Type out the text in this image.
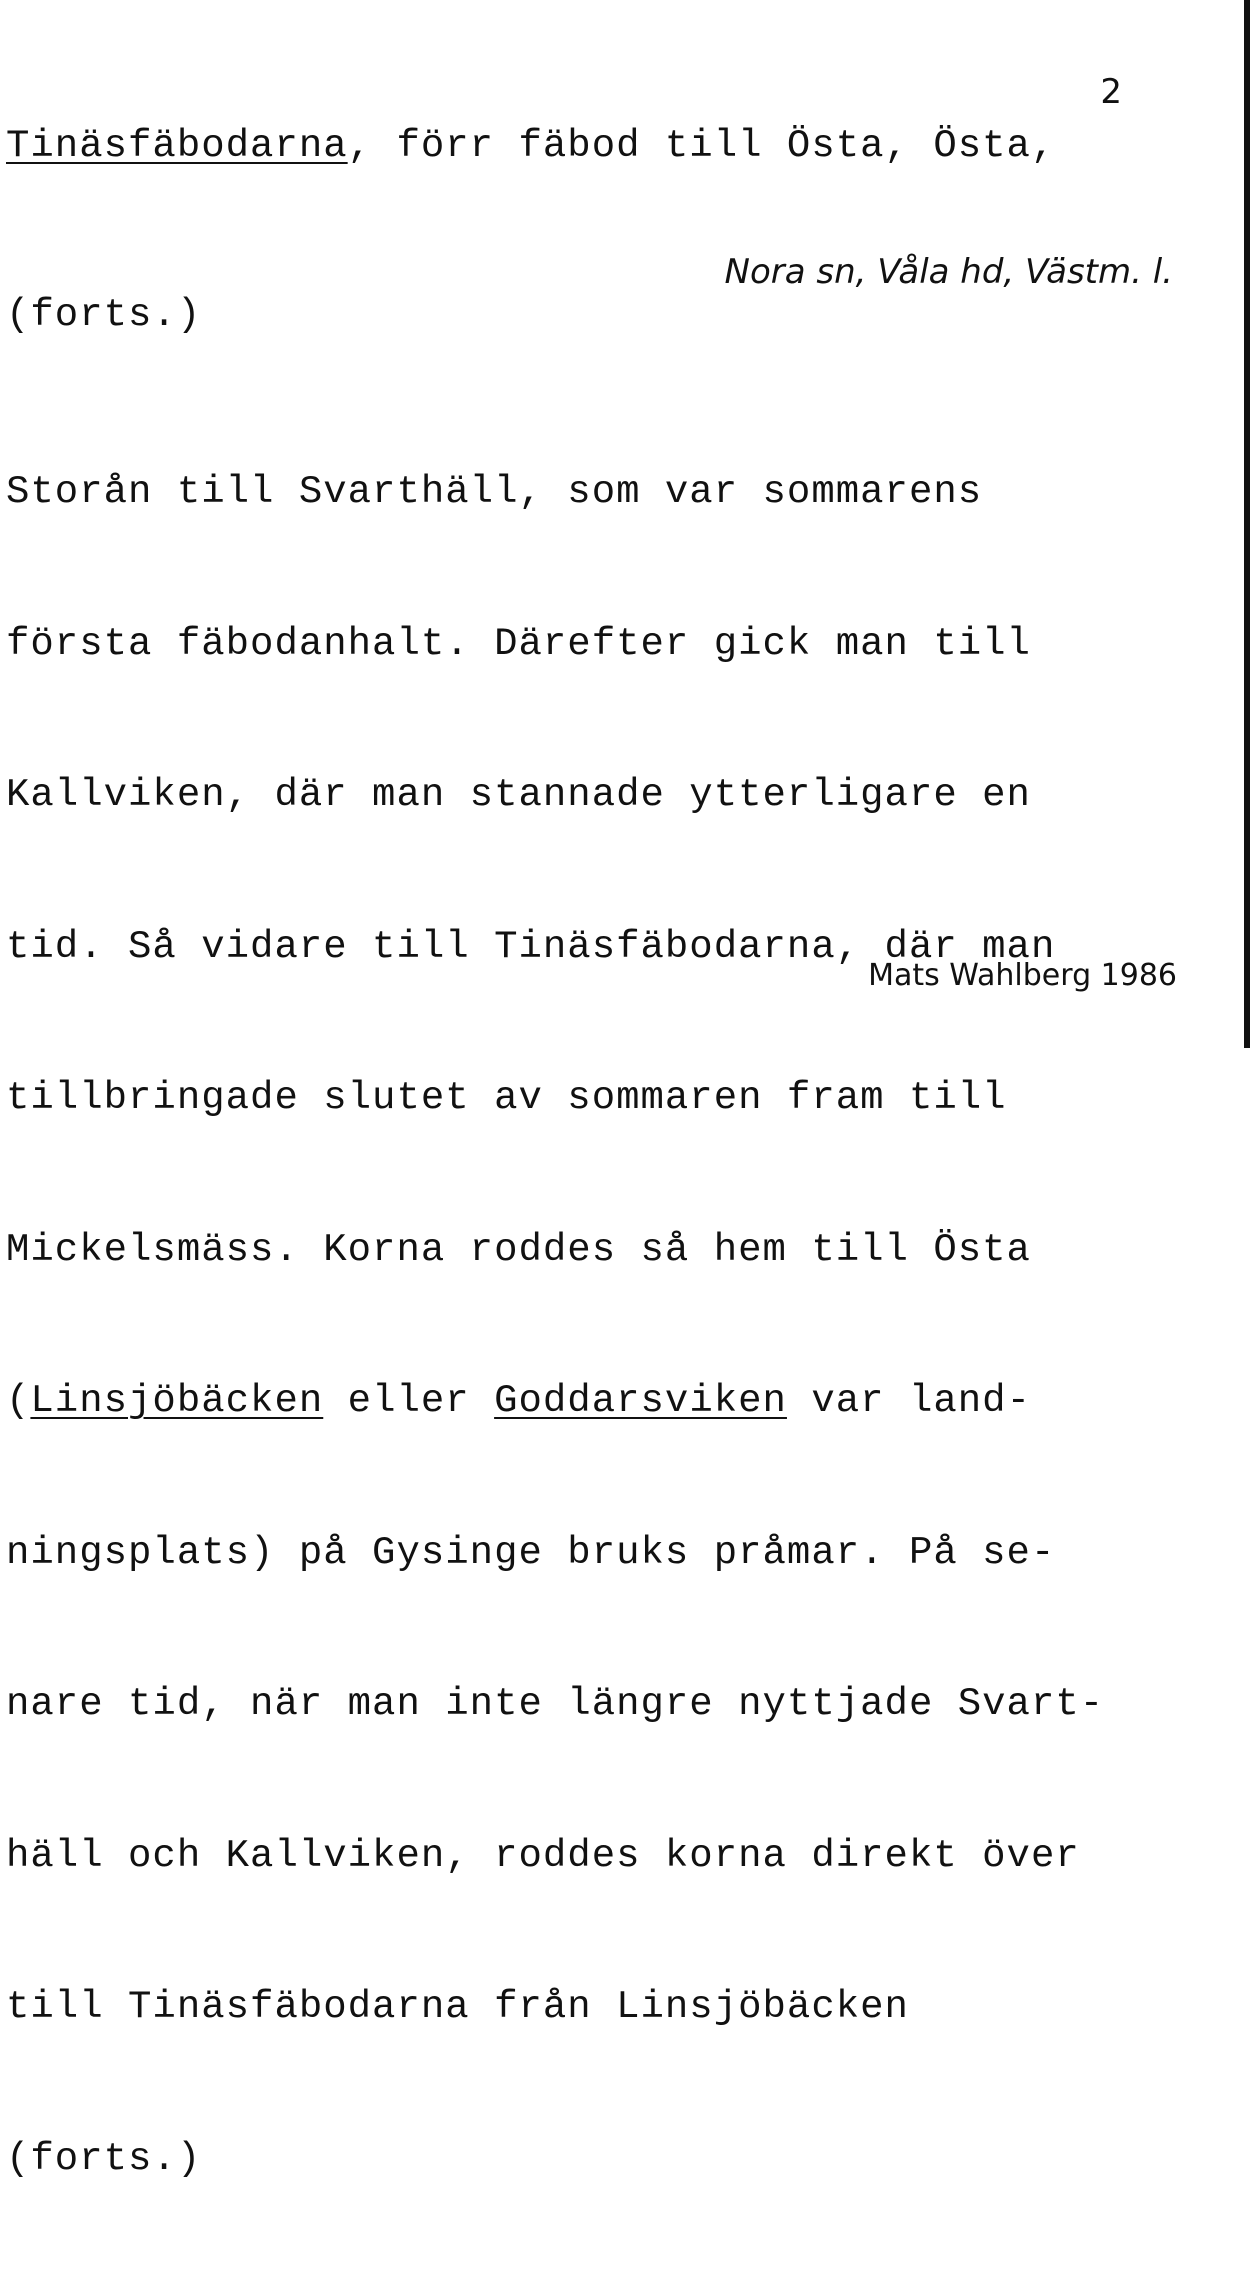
2
Tinäsfäbodarna, förr fäbod till Östa, Östa,
Nora sn, Våla hd, Västm. l.
(forts.)

Storån till Svarthäll, som var sommarens

första fäbodanhalt. Därefter gick man till

Kallviken, där man stannade ytterligare en

tid. Så vidare till Tinäsfäbodarna, där man

tillbringade slutet av sommaren fram till

Mickelsmäss. Korna roddes så hem till Östa

(Linsjöbäcken eller Goddarsviken var land-

ningsplats) på Gysinge bruks pråmar. På se-

nare tid, när man inte längre nyttjade Svart-

häll och Kallviken, roddes korna direkt över

till Tinäsfäbodarna från Linsjöbäcken

(forts.)

Mats Wahlberg 1986
